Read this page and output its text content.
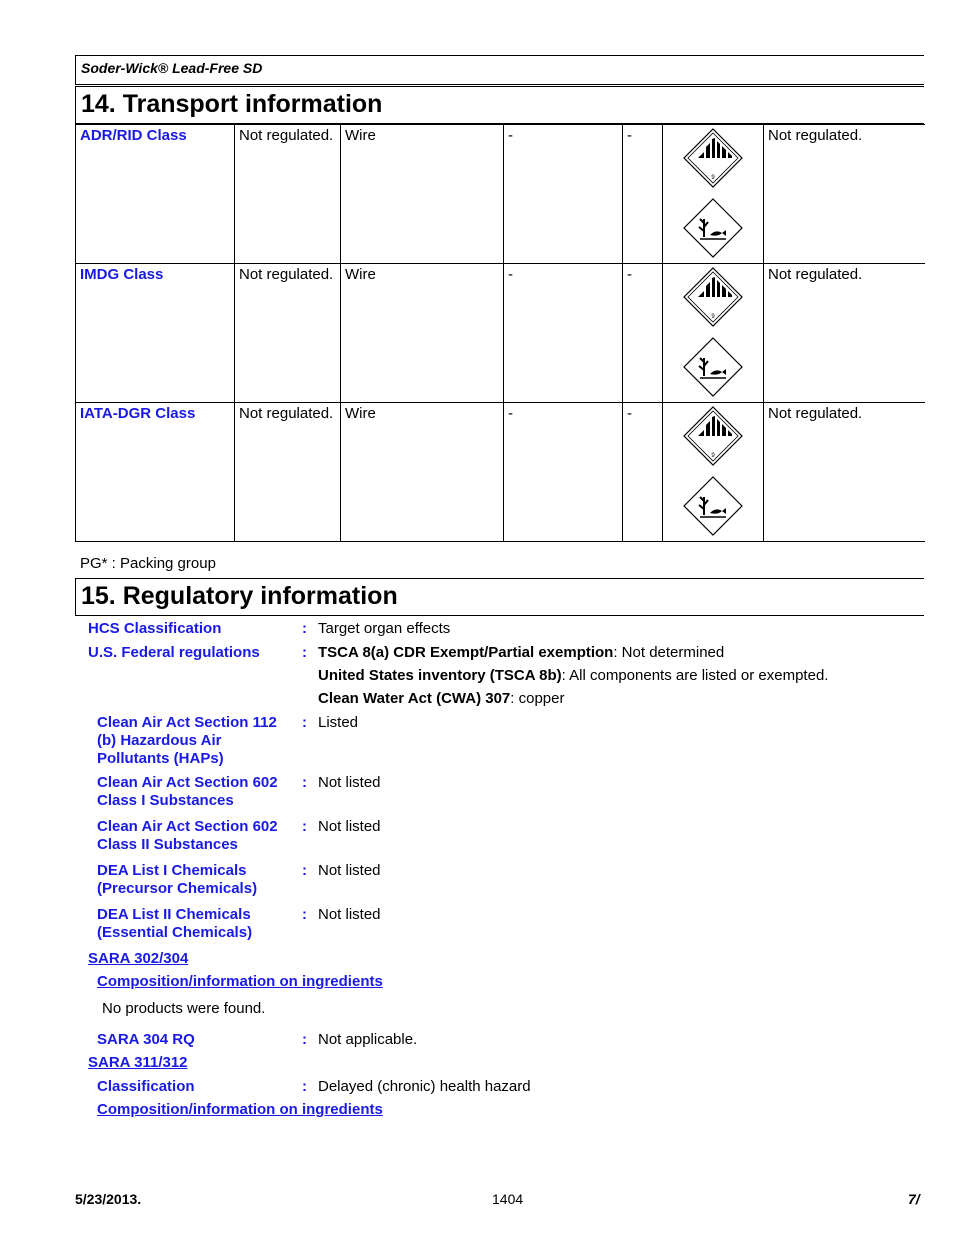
Soder-Wick® Lead-Free SD
14. Transport information
ADR/RID Class	Not regulated.	Wire	-	-	9	Not regulated.
IMDG Class	Not regulated.	Wire	-	-	9	Not regulated.
IATA-DGR Class	Not regulated.	Wire	-	-	9	Not regulated.
PG* : Packing group
15. Regulatory information
HCS Classification	: Target organ effects
U.S. Federal regulations	: TSCA 8(a) CDR Exempt/Partial exemption: Not determined
United States inventory (TSCA 8b): All components are listed or exempted.
Clean Water Act (CWA) 307: copper
Clean Air Act Section 112
(b) Hazardous Air
Pollutants (HAPs)
: Listed
Clean Air Act Section 602
Class I Substances
: Not listed
Clean Air Act Section 602
Class II Substances
: Not listed
DEA List I Chemicals
(Precursor Chemicals)
: Not listed
DEA List II Chemicals
(Essential Chemicals)
: Not listed
SARA 302/304
Composition/information on ingredients
No products were found.
SARA 304 RQ	: Not applicable.
SARA 311/312
Classification	: Delayed (chronic) health hazard
Composition/information on ingredients
5/23/2013.	1404	7/
